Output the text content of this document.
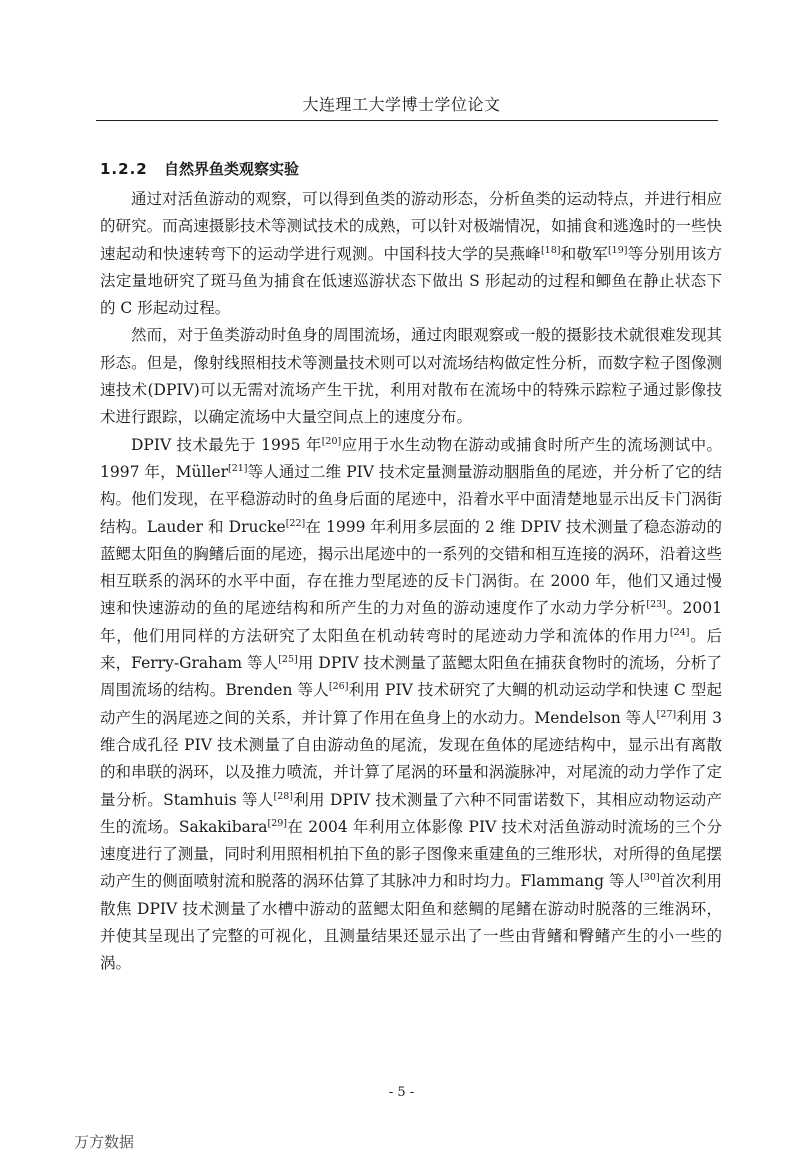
大连理工大学博士学位论文
1.2.2 自然界鱼类观察实验

通过对活鱼游动的观察，可以得到鱼类的游动形态，分析鱼类的运动特点，并进行相应的研究。而高速摄影技术等测试技术的成熟，可以针对极端情况，如捕食和逃逸时的一些快速起动和快速转弯下的运动学进行观测。中国科技大学的吴燕峰[18]和敬军[19]等分别用该方法定量地研究了斑马鱼为捕食在低速巡游状态下做出 S 形起动的过程和鲫鱼在静止状态下的 C 形起动过程。

然而，对于鱼类游动时鱼身的周围流场，通过肉眼观察或一般的摄影技术就很难发现其形态。但是，像射线照相技术等测量技术则可以对流场结构做定性分析，而数字粒子图像测速技术(DPIV)可以无需对流场产生干扰，利用对散布在流场中的特殊示踪粒子通过影像技术进行跟踪，以确定流场中大量空间点上的速度分布。

DPIV 技术最先于 1995 年[20]应用于水生动物在游动或捕食时所产生的流场测试中。1997 年，Müller[21]等人通过二维 PIV 技术定量测量游动胭脂鱼的尾迹，并分析了它的结构。他们发现，在平稳游动时的鱼身后面的尾迹中，沿着水平中面清楚地显示出反卡门涡街结构。Lauder 和 Drucke[22]在 1999 年利用多层面的 2 维 DPIV 技术测量了稳态游动的蓝鳃太阳鱼的胸鳍后面的尾迹，揭示出尾迹中的一系列的交错和相互连接的涡环，沿着这些相互联系的涡环的水平中面，存在推力型尾迹的反卡门涡街。在 2000 年，他们又通过慢速和快速游动的鱼的尾迹结构和所产生的力对鱼的游动速度作了水动力学分析[23]。2001 年，他们用同样的方法研究了太阳鱼在机动转弯时的尾迹动力学和流体的作用力[24]。后来，Ferry-Graham 等人[25]用 DPIV 技术测量了蓝鳃太阳鱼在捕获食物时的流场，分析了周围流场的结构。Brenden 等人[26]利用 PIV 技术研究了大鲷的机动运动学和快速 C 型起动产生的涡尾迹之间的关系，并计算了作用在鱼身上的水动力。Mendelson 等人[27]利用 3 维合成孔径 PIV 技术测量了自由游动鱼的尾流，发现在鱼体的尾迹结构中，显示出有离散的和串联的涡环，以及推力喷流，并计算了尾涡的环量和涡漩脉冲，对尾流的动力学作了定量分析。Stamhuis 等人[28]利用 DPIV 技术测量了六种不同雷诺数下，其相应动物运动产生的流场。Sakakibara[29]在 2004 年利用立体影像 PIV 技术对活鱼游动时流场的三个分速度进行了测量，同时利用照相机拍下鱼的影子图像来重建鱼的三维形状，对所得的鱼尾摆动产生的侧面喷射流和脱落的涡环估算了其脉冲力和时均力。Flammang 等人[30]首次利用散焦 DPIV 技术测量了水槽中游动的蓝鳃太阳鱼和慈鲷的尾鳍在游动时脱落的三维涡环，并使其呈现出了完整的可视化，且测量结果还显示出了一些由背鳍和臀鳍产生的小一些的涡。

- 5 -
万方数据
